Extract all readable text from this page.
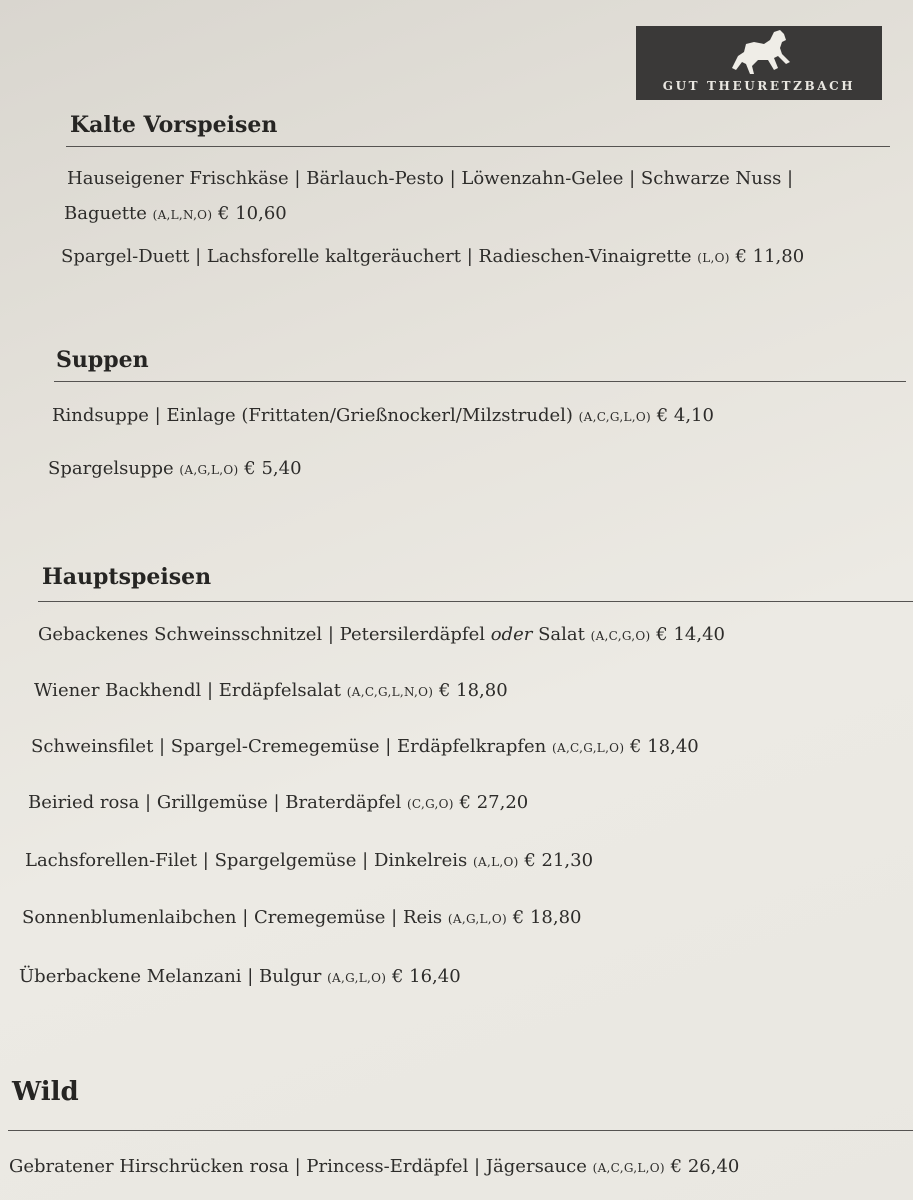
GUT THEURETZBACH
Kalte Vorspeisen
Hauseigener Frischkäse | Bärlauch-Pesto | Löwenzahn-Gelee | Schwarze Nuss |
Baguette (A,L,N,O) € 10,60
Spargel-Duett | Lachsforelle kaltgeräuchert | Radieschen-Vinaigrette (L,O) € 11,80
Suppen
Rindsuppe | Einlage (Frittaten/Grießnockerl/Milzstrudel) (A,C,G,L,O) € 4,10
Spargelsuppe (A,G,L,O) € 5,40
Hauptspeisen
Gebackenes Schweinsschnitzel | Petersilerdäpfel oder Salat (A,C,G,O) € 14,40
Wiener Backhendl | Erdäpfelsalat (A,C,G,L,N,O) € 18,80
Schweinsfilet | Spargel-Cremegemüse | Erdäpfelkrapfen (A,C,G,L,O) € 18,40
Beiried rosa | Grillgemüse | Braterdäpfel (C,G,O) € 27,20
Lachsforellen-Filet | Spargelgemüse | Dinkelreis (A,L,O) € 21,30
Sonnenblumenlaibchen | Cremegemüse | Reis (A,G,L,O) € 18,80
Überbackene Melanzani | Bulgur (A,G,L,O) € 16,40
Wild
Gebratener Hirschrücken rosa | Princess-Erdäpfel | Jägersauce (A,C,G,L,O) € 26,40
